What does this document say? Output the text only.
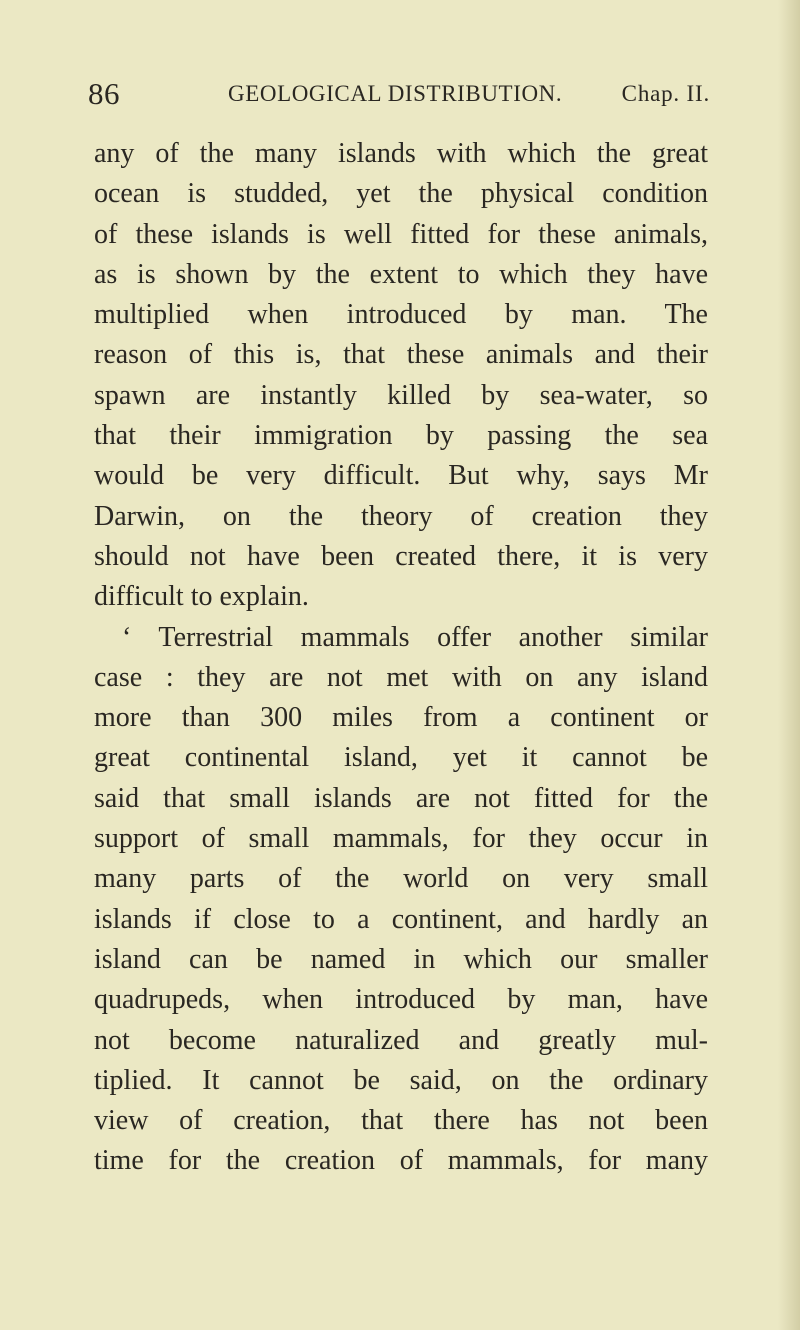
86	GEOLOGICAL DISTRIBUTION.	Chap. II.
any of the many islands with which the great
ocean is studded, yet the physical condition
of these islands is well fitted for these animals,
as is shown by the extent to which they have
multiplied when introduced by man. The
reason of this is, that these animals and their
spawn are instantly killed by sea-water, so
that their immigration by passing the sea
would be very difficult. But why, says Mr
Darwin, on the theory of creation they
should not have been created there, it is very
difficult to explain.
‘ Terrestrial mammals offer another similar
case : they are not met with on any island
more than 300 miles from a continent or
great continental island, yet it cannot be
said that small islands are not fitted for the
support of small mammals, for they occur in
many parts of the world on very small
islands if close to a continent, and hardly an
island can be named in which our smaller
quadrupeds, when introduced by man, have
not become naturalized and greatly mul-
tiplied. It cannot be said, on the ordinary
view of creation, that there has not been
time for the creation of mammals, for many
